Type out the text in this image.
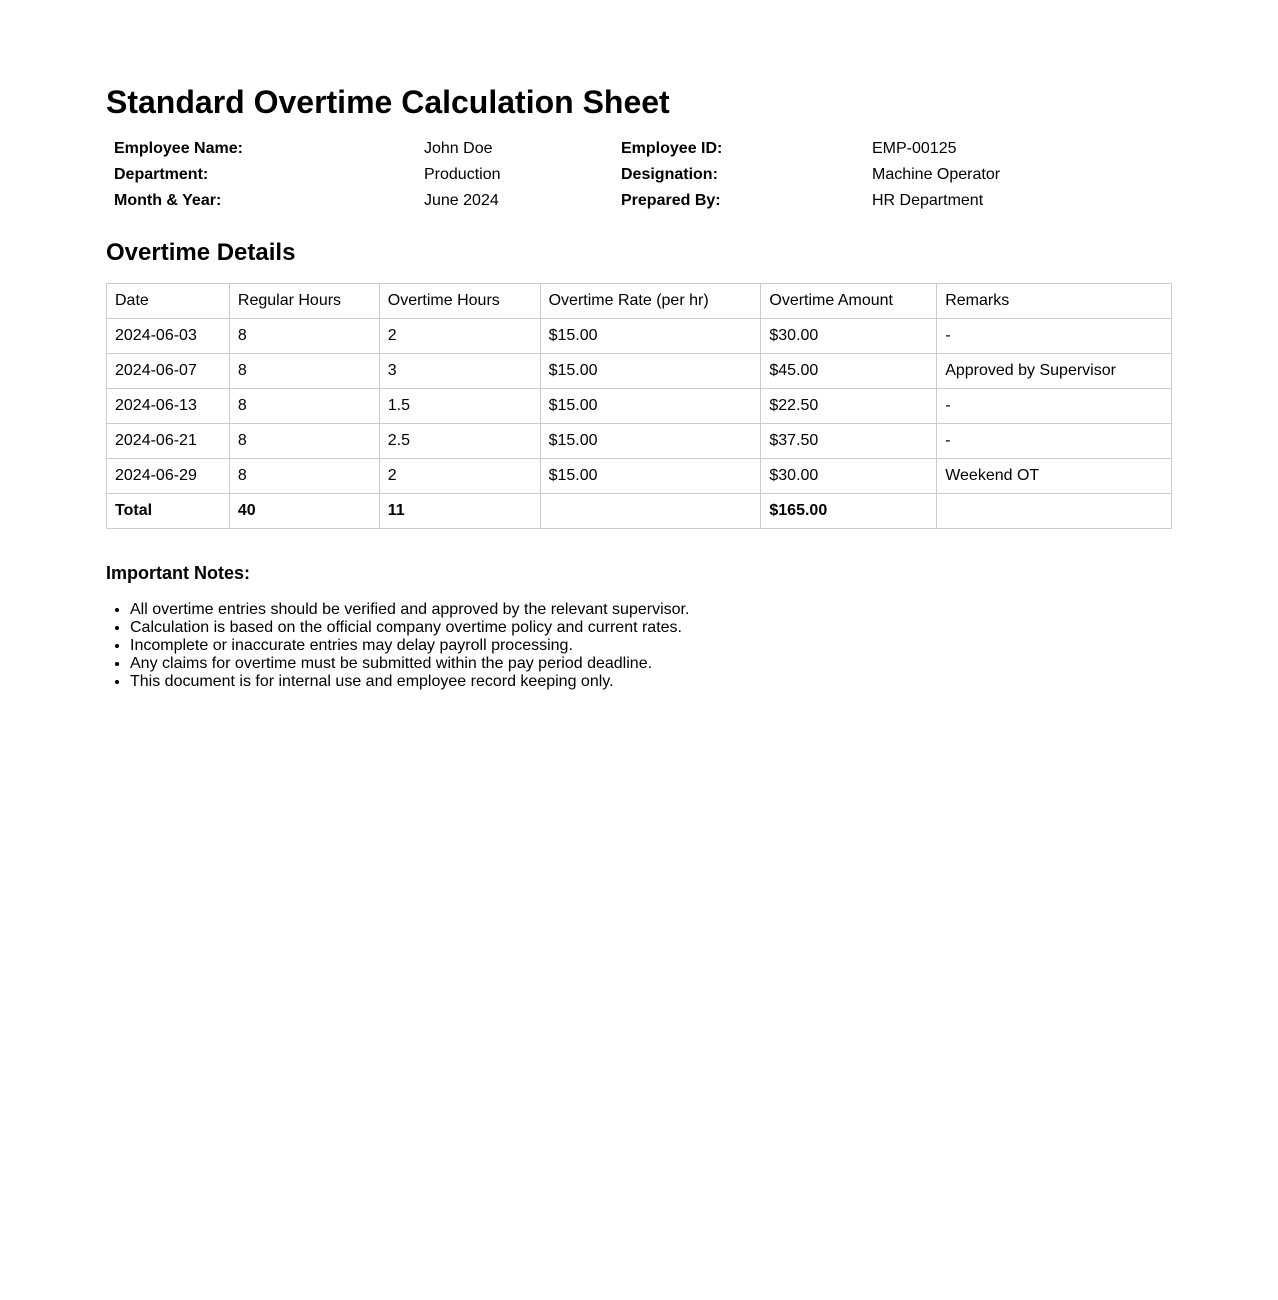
Standard Overtime Calculation Sheet
Employee Name:	John Doe	Employee ID:	EMP-00125
Department:	Production	Designation:	Machine Operator
Month & Year:	June 2024	Prepared By:	HR Department
Overtime Details
Date	Regular Hours	Overtime Hours	Overtime Rate (per hr)	Overtime Amount	Remarks
2024-06-03	8	2	$15.00	$30.00	-
2024-06-07	8	3	$15.00	$45.00	Approved by Supervisor
2024-06-13	8	1.5	$15.00	$22.50	-
2024-06-21	8	2.5	$15.00	$37.50	-
2024-06-29	8	2	$15.00	$30.00	Weekend OT
Total	40	11		$165.00	
Important Notes:
• All overtime entries should be verified and approved by the relevant supervisor.
• Calculation is based on the official company overtime policy and current rates.
• Incomplete or inaccurate entries may delay payroll processing.
• Any claims for overtime must be submitted within the pay period deadline.
• This document is for internal use and employee record keeping only.
